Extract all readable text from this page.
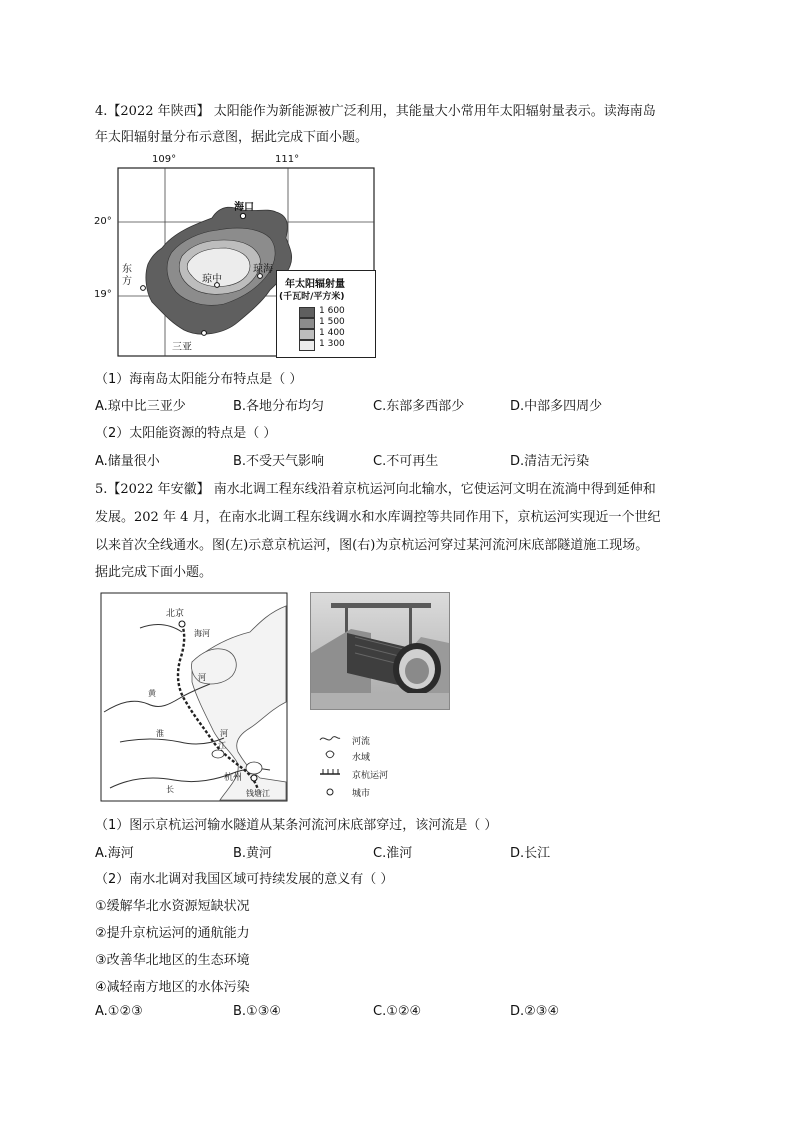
4.【2022 年陕西】 太阳能作为新能源被广泛利用，其能量大小常用年太阳辐射量表示。读海南岛
年太阳辐射量分布示意图，据此完成下面小题。
109°	111°
20°
19°
海口
琼中
琼海
东方
三亚
年太阳辐射量
(千瓦时/平方米)
1 600
1 500
1 400
1 300
（1）海南岛太阳能分布特点是（ ）
A.琼中比三亚少	B.各地分布均匀	C.东部多西部少	D.中部多四周少
（2）太阳能资源的特点是（ ）
A.储量很小	B.不受天气影响	C.不可再生	D.清洁无污染
5.【2022 年安徽】 南水北调工程东线沿着京杭运河向北输水，它使运河文明在流淌中得到延伸和
发展。202 年 4 月，在南水北调工程东线调水和水库调控等共同作用下，京杭运河实现近一个世纪
以来首次全线通水。图(左)示意京杭运河，图(右)为京杭运河穿过某河流河床底部隧道施工现场。
据此完成下面小题。
北京
海河
河
黄
淮	河
江
杭州
长	钱塘江
河流
水域
京杭运河
城市
（1）图示京杭运河输水隧道从某条河流河床底部穿过，该河流是（ ）
A.海河	B.黄河	C.淮河	D.长江
（2）南水北调对我国区域可持续发展的意义有（ ）
①缓解华北水资源短缺状况
②提升京杭运河的通航能力
③改善华北地区的生态环境
④减轻南方地区的水体污染
A.①②③	B.①③④	C.①②④	D.②③④
